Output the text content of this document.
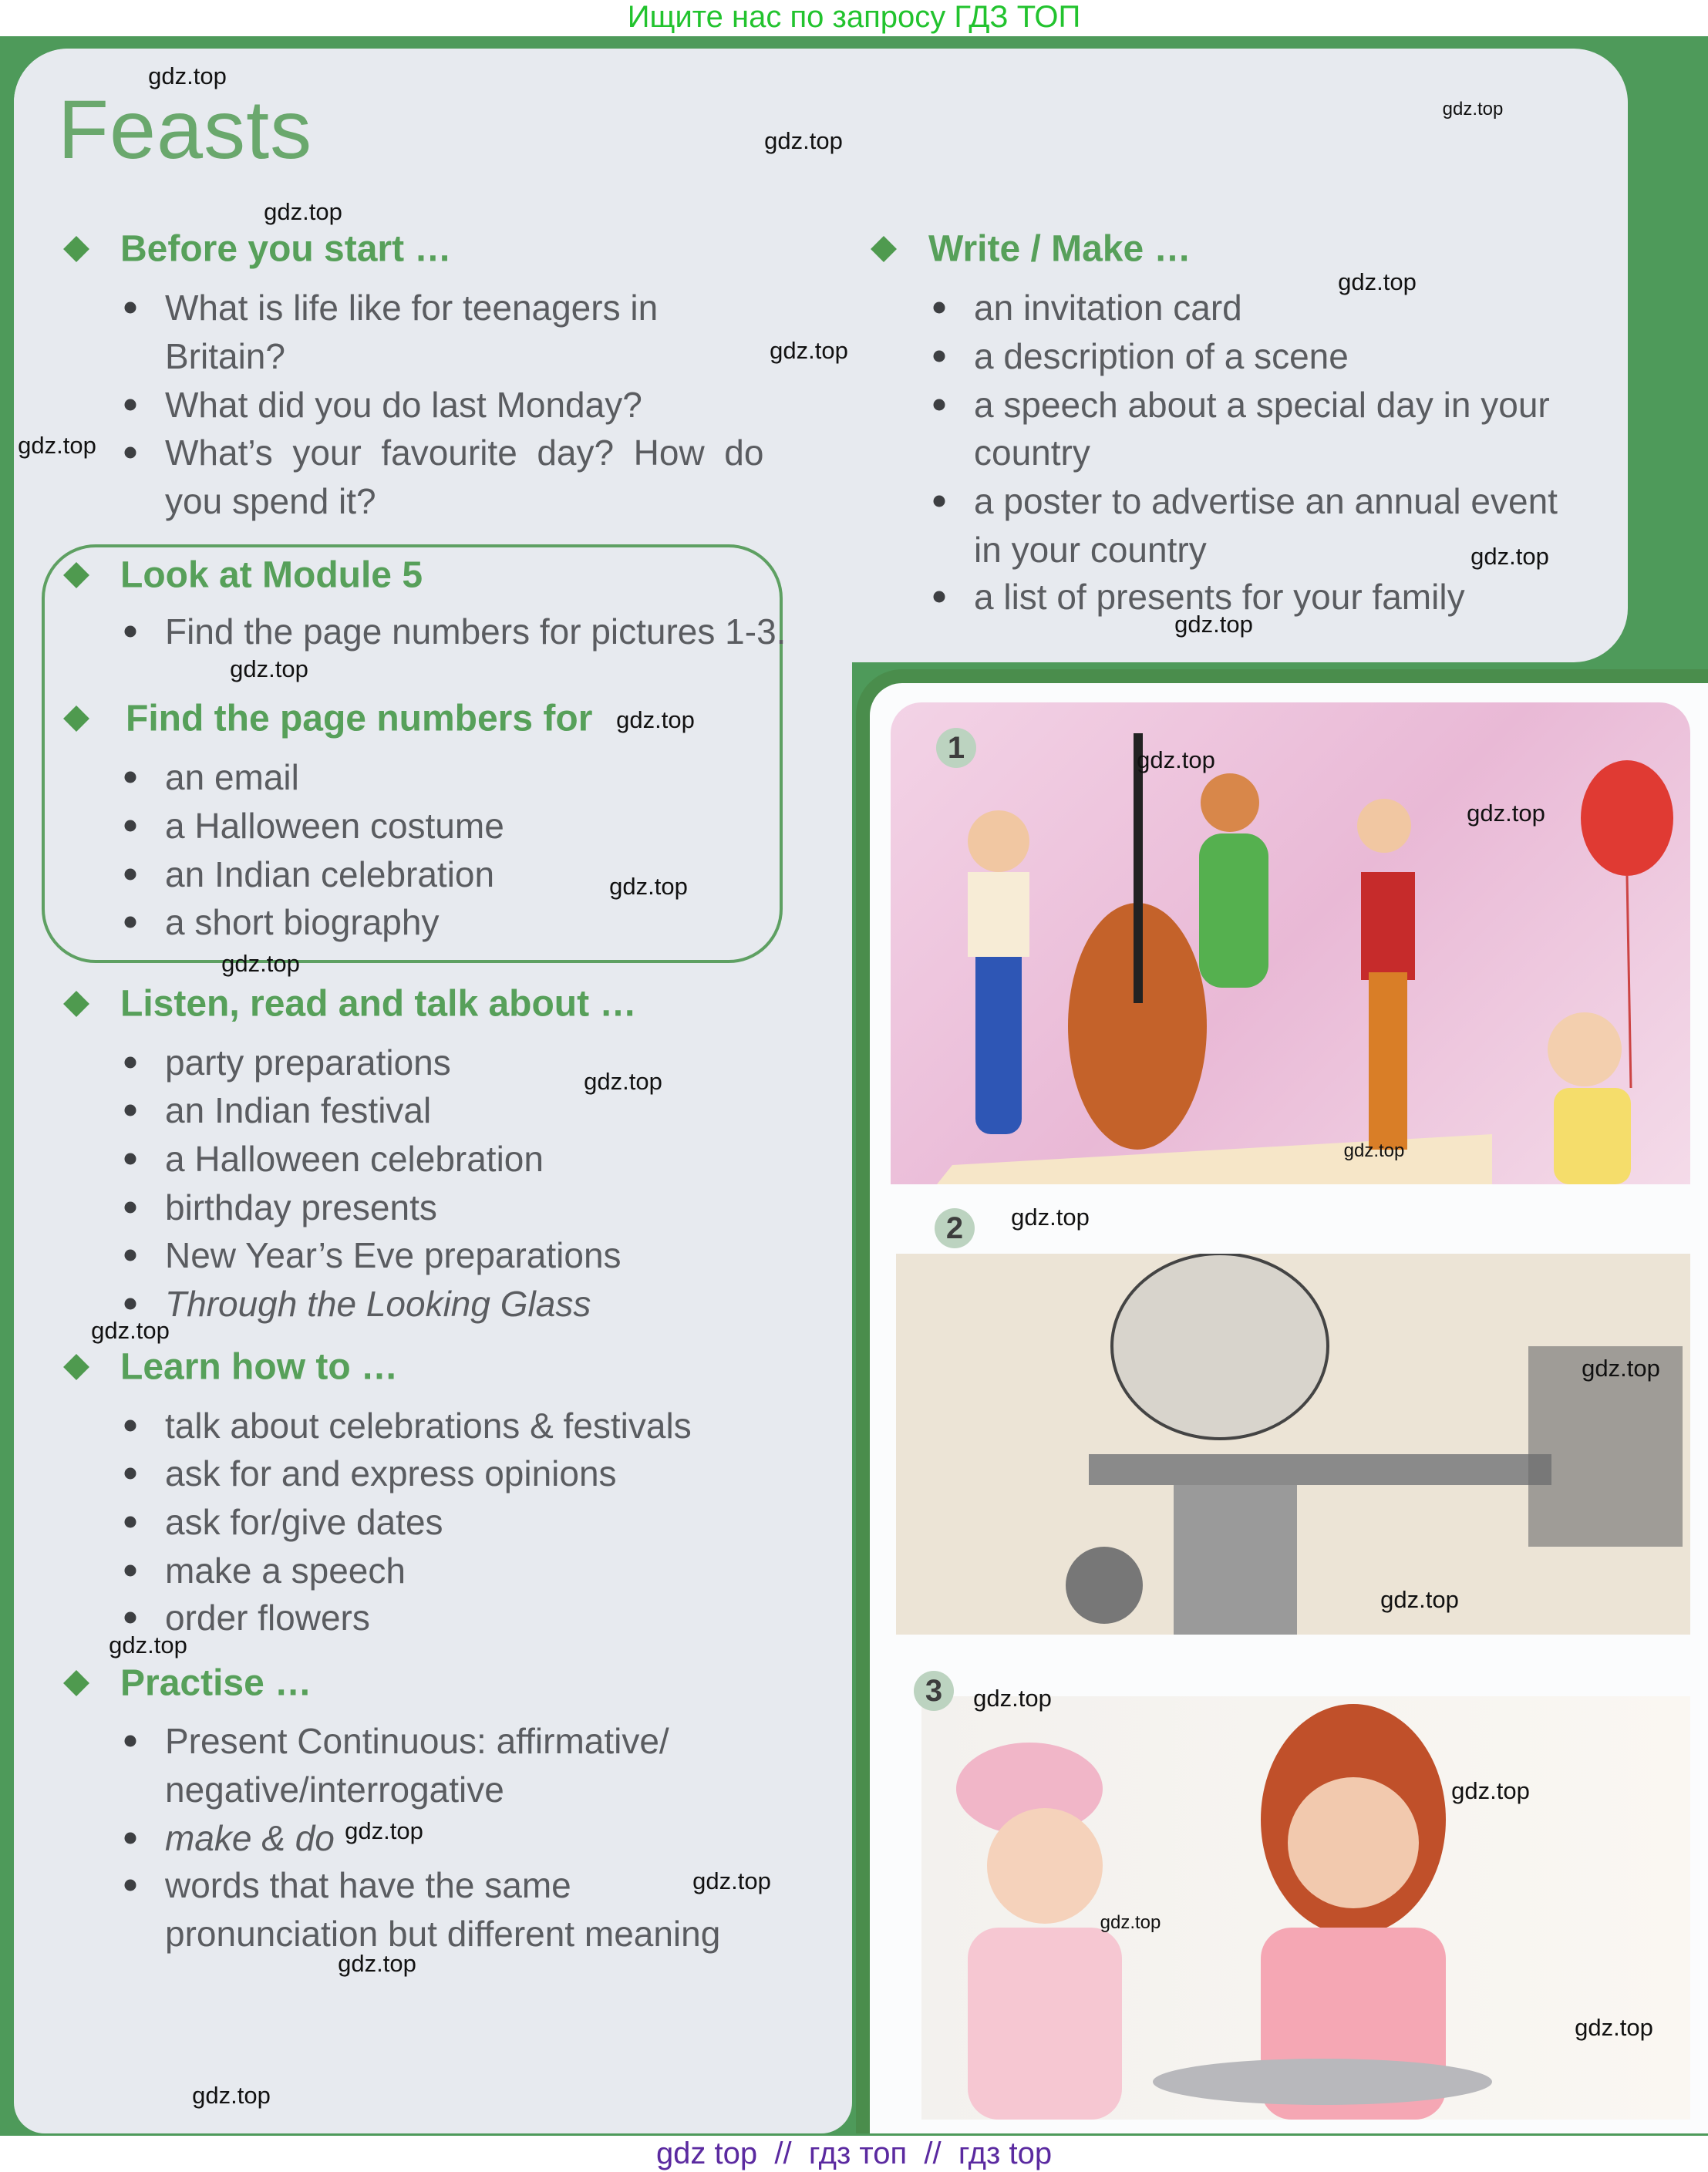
Ищите нас по запросу ГДЗ ТОП
Feasts
Before you start …
What is life like for teenagers in
Britain?
What did you do last Monday?
What’s  your  favourite  day?  How  do
you spend it?
Look at Module 5
Find the page numbers for pictures 1-3.
Find the page numbers for
an email
a Halloween costume
an Indian celebration
a short biography
Listen, read and talk about …
party preparations
an Indian festival
a Halloween celebration
birthday presents
New Year’s Eve preparations
Through the Looking Glass
Learn how to …
talk about celebrations & festivals
ask for and express opinions
ask for/give dates
make a speech
order flowers
Practise …
Present Continuous: affirmative/
negative/interrogative
make & do
words that have the same
pronunciation but different meaning
Write / Make …
an invitation card
a description of a scene
a speech about a special day in your
country
a poster to advertise an annual event
in your country
a list of presents for your family
1
2
3
gdz.top
gdz.top
gdz.top
gdz.top
gdz.top
gdz.top
gdz.top
gdz.top
gdz.top
gdz.top
gdz.top
gdz.top
gdz.top
gdz.top
gdz.top
gdz.top
gdz.top
gdz.top
gdz.top
gdz.top
gdz.top
gdz.top
gdz.top
gdz.top
gdz.top
gdz.top
gdz.top
gdz.top
gdz.top
gdz.top
gdz top  //  гдз топ  //  гдз top
